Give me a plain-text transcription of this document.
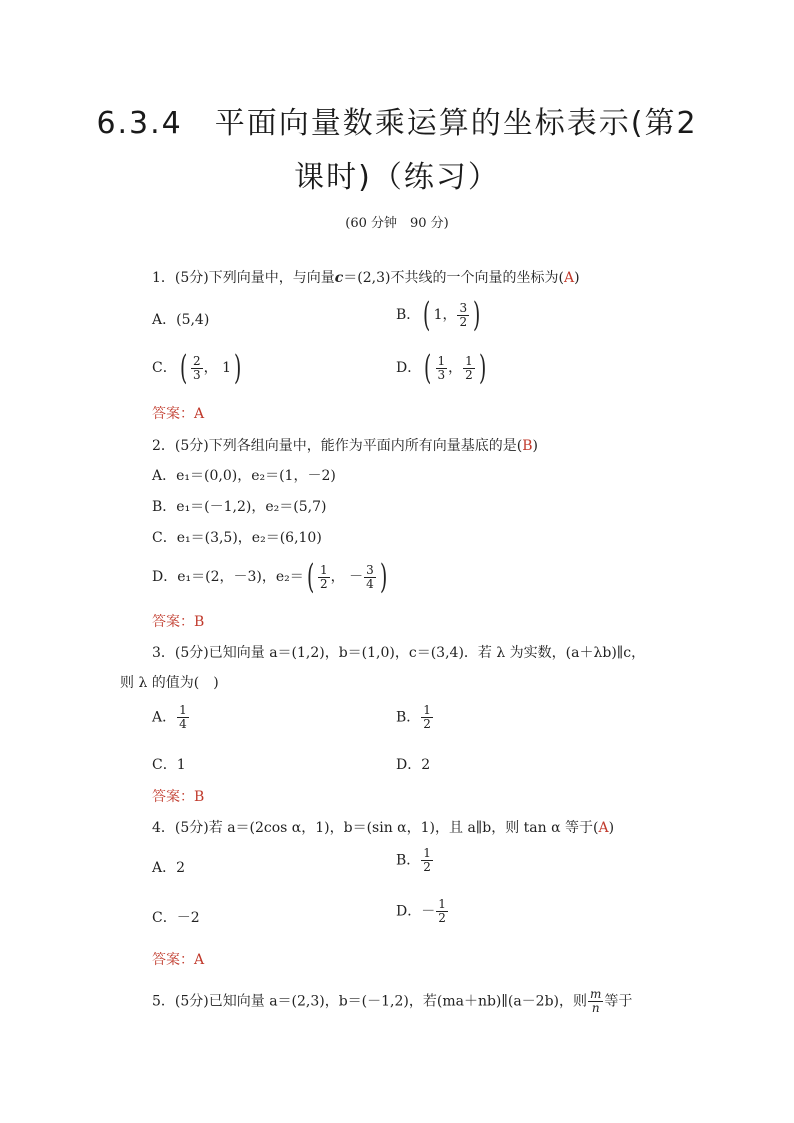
6.3.4　平面向量数乘运算的坐标表示(第2
课时)（练习）
(60 分钟　90 分)
1．(5分)下列向量中，与向量c＝(2,3)不共线的一个向量的坐标为(A)
A．(5,4)	B．( 1， $\frac{3}{2}$ )
C．( $\frac{2}{3}$ ， 1)	D．( $\frac{1}{3}$ ， $\frac{1}{2}$ )
答案：A
2．(5分)下列各组向量中，能作为平面内所有向量基底的是(B)
A．e₁＝(0,0)，e₂＝(1，－2)
B．e₁＝(－1,2)，e₂＝(5,7)
C．e₁＝(3,5)，e₂＝(6,10)
D．e₁＝(2，－3)，$e_2=( \frac{1}{2}$ ， － $\frac{3}{4}$ )
答案：B
3．(5分)已知向量 a＝(1,2)，b＝(1,0)，c＝(3,4)．若 λ 为实数，(a＋λb)∥c，
则 λ 的值为(　)
A． $\frac{1}{4}$	B． $\frac{1}{2}$
C．1	D．2
答案：B
4．(5分)若 a＝(2cos α，1)，b＝(sin α，1)，且 a∥b，则 tan α 等于(A)
A．2	B． $\frac{1}{2}$
C．－2	D．－ $\frac{1}{2}$
答案：A
5．(5分)已知向量 a＝(2,3)，b＝(－1,2)，若(ma＋nb)∥(a－2b)，则 $\frac{m}{n}$ 等于
